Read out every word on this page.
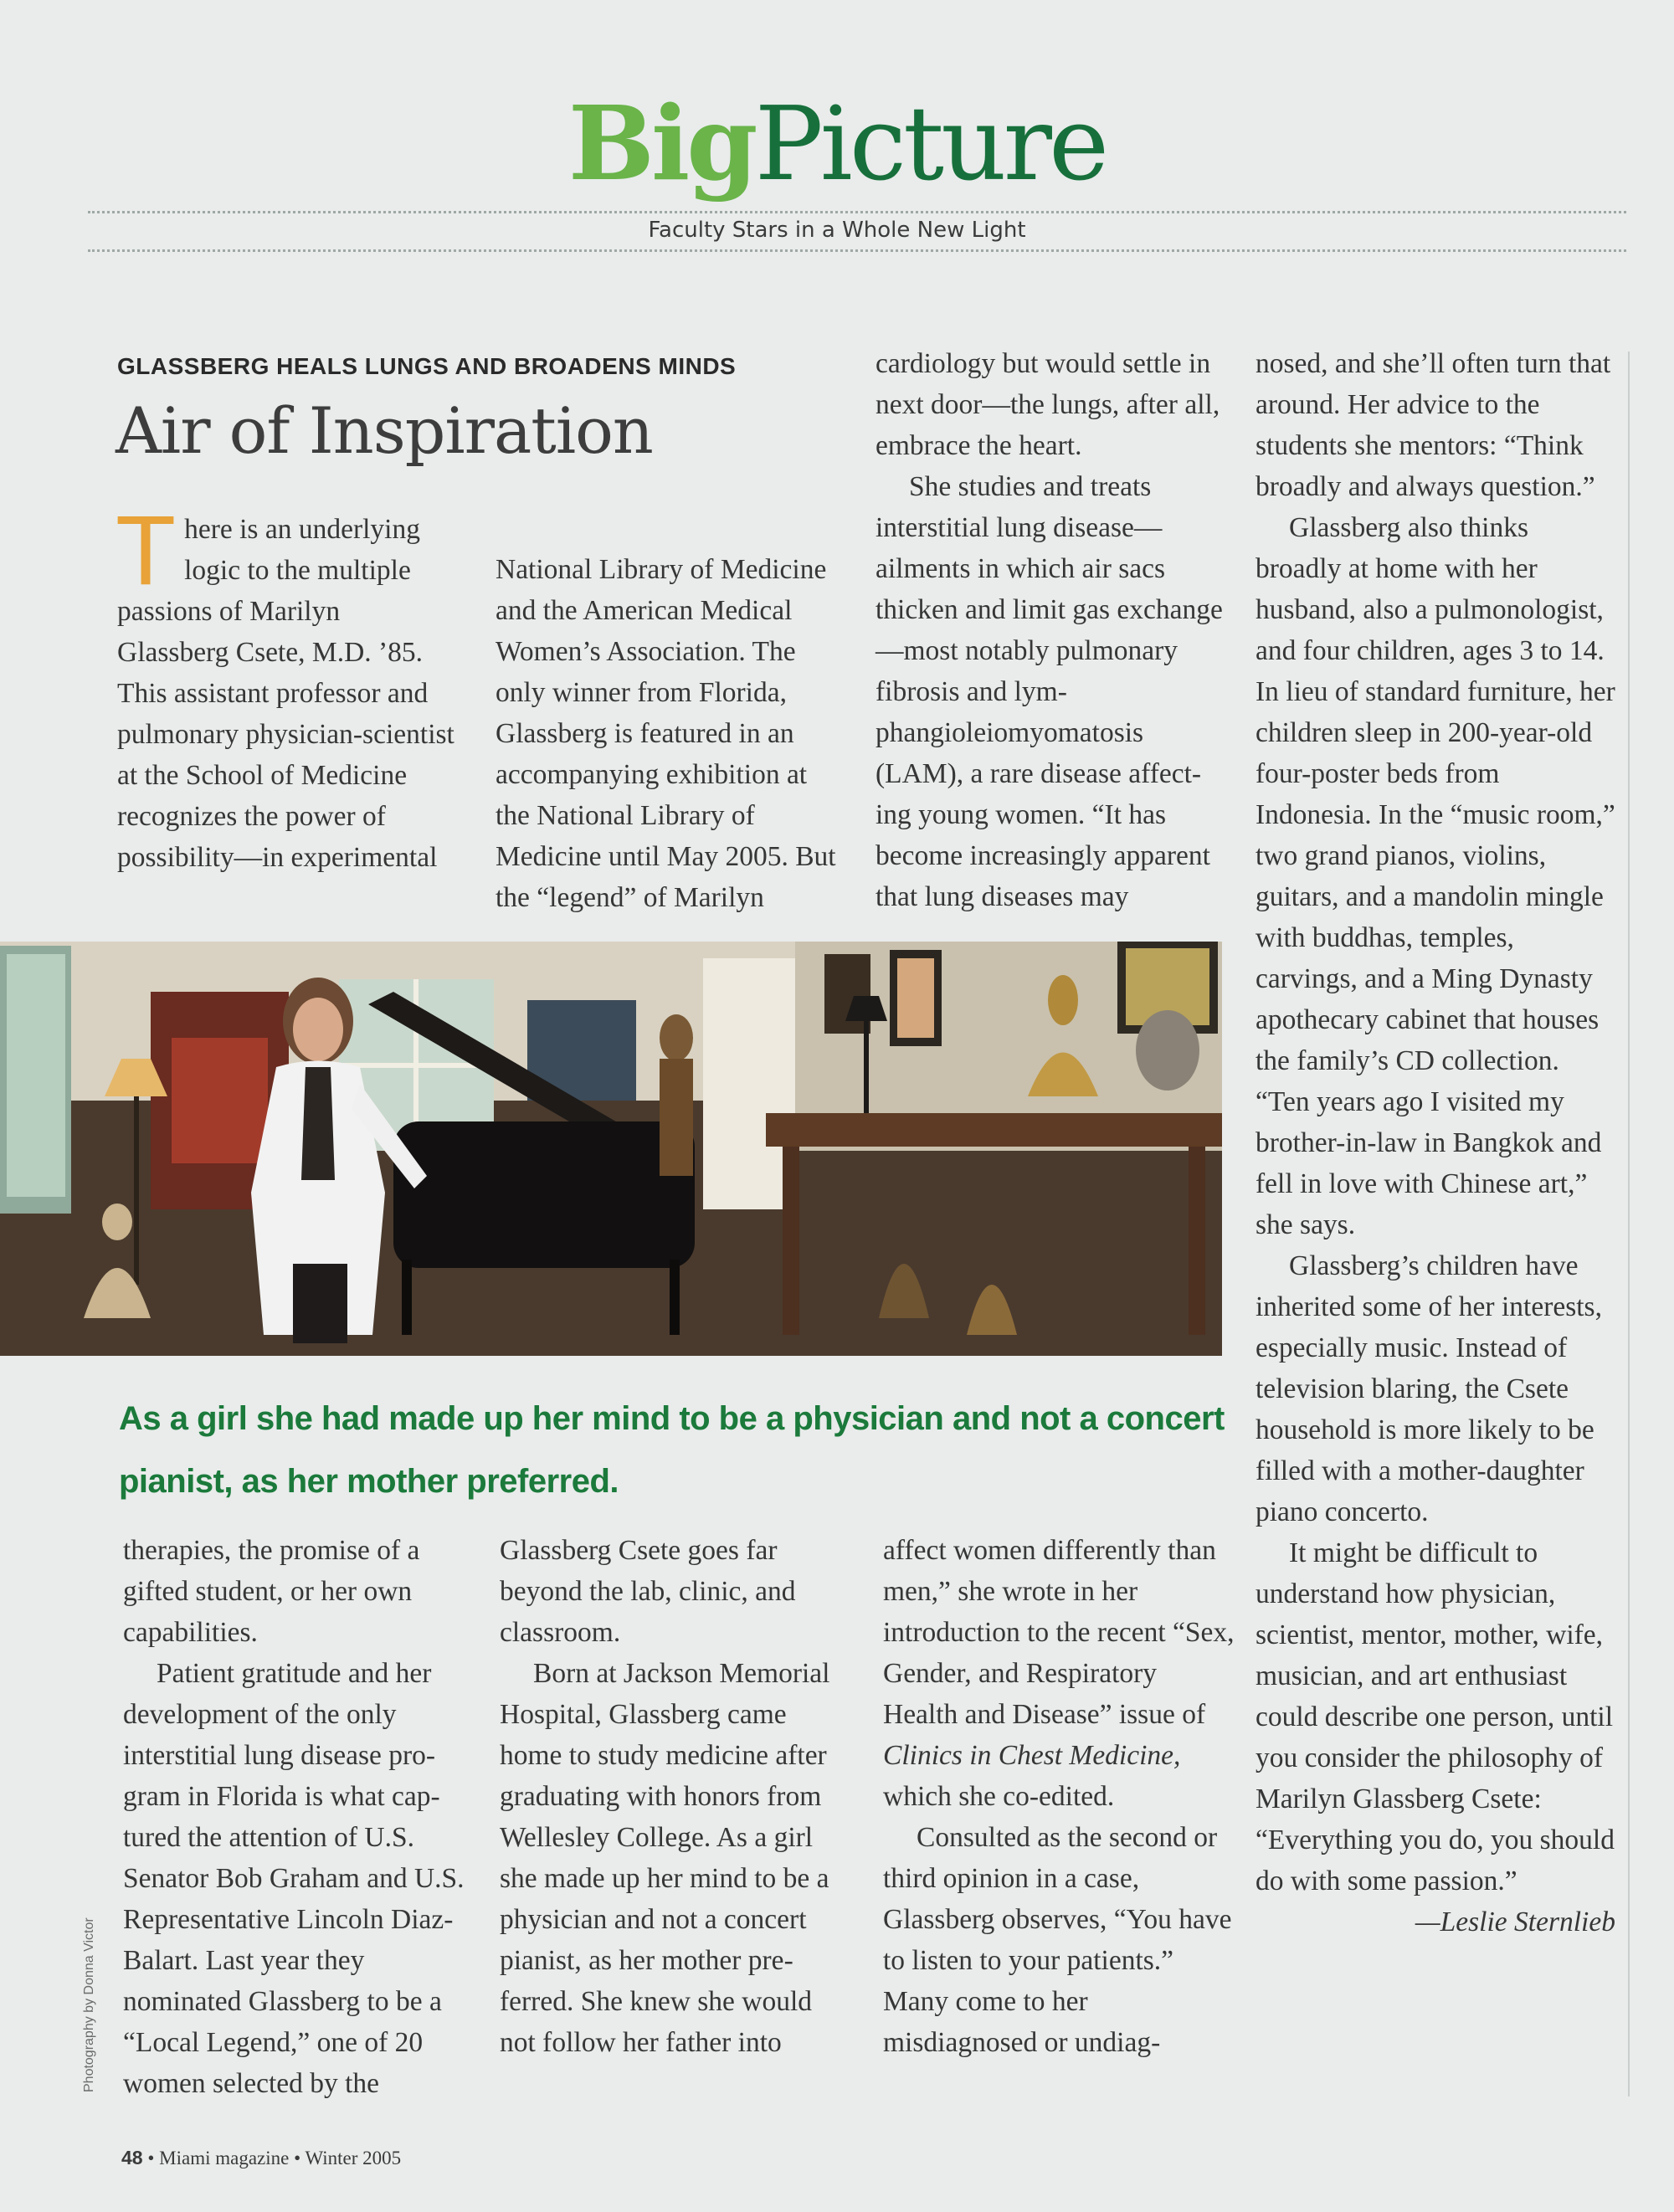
BigPicture
Faculty Stars in a Whole New Light
GLASSBERG HEALS LUNGS AND BROADENS MINDS
Air of Inspiration

There is an underlying logic to the multiple passions of Marilyn Glassberg Csete, M.D. ’85. This assistant professor and pulmonary physician-scientist at the School of Medicine recognizes the power of possibility—in experimental

National Library of Medicine and the American Medical Women’s Association. The only winner from Florida, Glassberg is featured in an accompanying exhibition at the National Library of Medicine until May 2005. But the “legend” of Marilyn

cardiology but would settle in next door—the lungs, after all, embrace the heart.

She studies and treats interstitial lung disease—ailments in which air sacs thicken and limit gas exchange—most notably pulmonary fibrosis and lymphangioleiomyomatosis (LAM), a rare disease affecting young women. “It has become increasingly apparent that lung diseases may

nosed, and she’ll often turn that around. Her advice to the students she mentors: “Think broadly and always question.”

Glassberg also thinks broadly at home with her husband, also a pulmonologist, and four children, ages 3 to 14. In lieu of standard furniture, her children sleep in 200-year-old four-poster beds from Indonesia. In the “music room,” two grand pianos, violins, guitars, and a mandolin mingle with buddhas, temples, carvings, and a Ming Dynasty apothecary cabinet that houses the family’s CD collection. “Ten years ago I visited my brother-in-law in Bangkok and fell in love with Chinese art,” she says.

Glassberg’s children have inherited some of her interests, especially music. Instead of television blaring, the Csete household is more likely to be filled with a mother-daughter piano concerto.

It might be difficult to understand how physician, scientist, mentor, mother, wife, musician, and art enthusiast could describe one person, until you consider the philosophy of Marilyn Glassberg Csete: “Everything you do, you should do with some passion.”

—Leslie Sternlieb

As a girl she had made up her mind to be a physician and not a concert pianist, as her mother preferred.

therapies, the promise of a gifted student, or her own capabilities.

Patient gratitude and her development of the only interstitial lung disease program in Florida is what captured the attention of U.S. Senator Bob Graham and U.S. Representative Lincoln Diaz-Balart. Last year they nominated Glassberg to be a “Local Legend,” one of 20 women selected by the

Glassberg Csete goes far beyond the lab, clinic, and classroom.

Born at Jackson Memorial Hospital, Glassberg came home to study medicine after graduating with honors from Wellesley College. As a girl she made up her mind to be a physician and not a concert pianist, as her mother preferred. She knew she would not follow her father into

affect women differently than men,” she wrote in her introduction to the recent “Sex, Gender, and Respiratory Health and Disease” issue of Clinics in Chest Medicine, which she co-edited.

Consulted as the second or third opinion in a case, Glassberg observes, “You have to listen to your patients.” Many come to her misdiagnosed or undiag-

Photography by Donna Victor
48 • Miami magazine • Winter 2005
